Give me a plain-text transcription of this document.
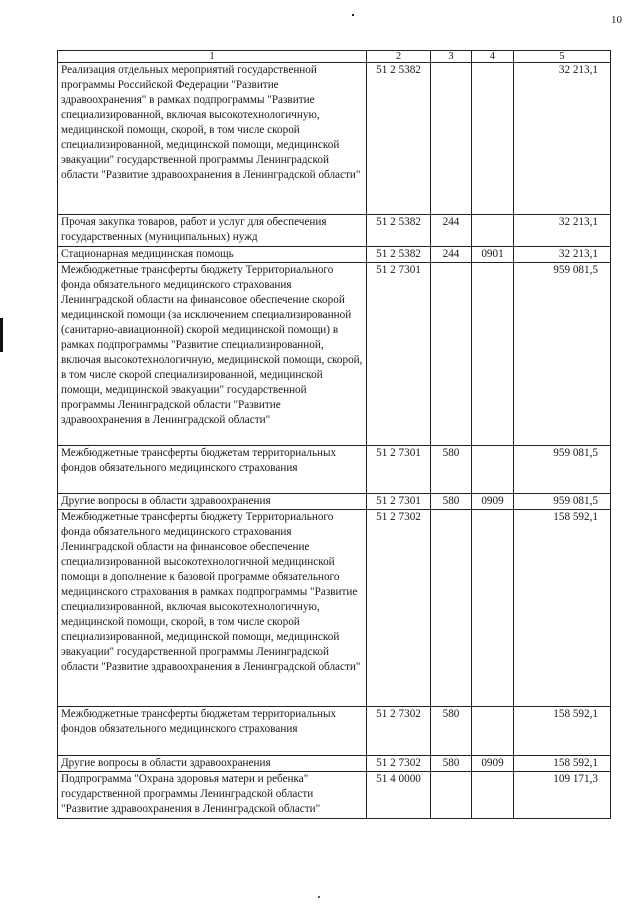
10
1	2	3	4	5
Реализация отдельных мероприятий государственной программы Российской Федерации "Развитие здравоохранения" в рамках подпрограммы "Развитие специализированной, включая высокотехнологичную, медицинской помощи, скорой, в том числе скорой специализированной, медицинской помощи, медицинской эвакуации" государственной программы Ленинградской области "Развитие здравоохранения в Ленинградской области"	51 2 5382			32 213,1
Прочая закупка товаров, работ и услуг для обеспечения государственных (муниципальных) нужд	51 2 5382	244		32 213,1
Стационарная медицинская помощь	51 2 5382	244	0901	32 213,1
Межбюджетные трансферты бюджету Территориального фонда обязательного медицинского страхования Ленинградской области на финансовое обеспечение скорой медицинской помощи (за исключением специализированной (санитарно-авиационной) скорой медицинской помощи) в рамках подпрограммы "Развитие специализированной, включая высокотехнологичную, медицинской помощи, скорой, в том числе скорой специализированной, медицинской помощи, медицинской эвакуации" государственной программы Ленинградской области "Развитие здравоохранения в Ленинградской области"	51 2 7301			959 081,5
Межбюджетные трансферты бюджетам территориальных фондов обязательного медицинского страхования	51 2 7301	580		959 081,5
Другие вопросы в области здравоохранения	51 2 7301	580	0909	959 081,5
Межбюджетные трансферты бюджету Территориального фонда обязательного медицинского страхования Ленинградской области на финансовое обеспечение специализированной высокотехнологичной медицинской помощи в дополнение к базовой программе обязательного медицинского страхования в рамках подпрограммы "Развитие специализированной, включая высокотехнологичную, медицинской помощи, скорой, в том числе скорой специализированной, медицинской помощи, медицинской эвакуации" государственной программы Ленинградской области "Развитие здравоохранения в Ленинградской области"	51 2 7302			158 592,1
Межбюджетные трансферты бюджетам территориальных фондов обязательного медицинского страхования	51 2 7302	580		158 592,1
Другие вопросы в области здравоохранения	51 2 7302	580	0909	158 592,1
Подпрограмма "Охрана здоровья матери и ребенка" государственной программы Ленинградской области "Развитие здравоохранения в Ленинградской области"	51 4 0000			109 171,3
